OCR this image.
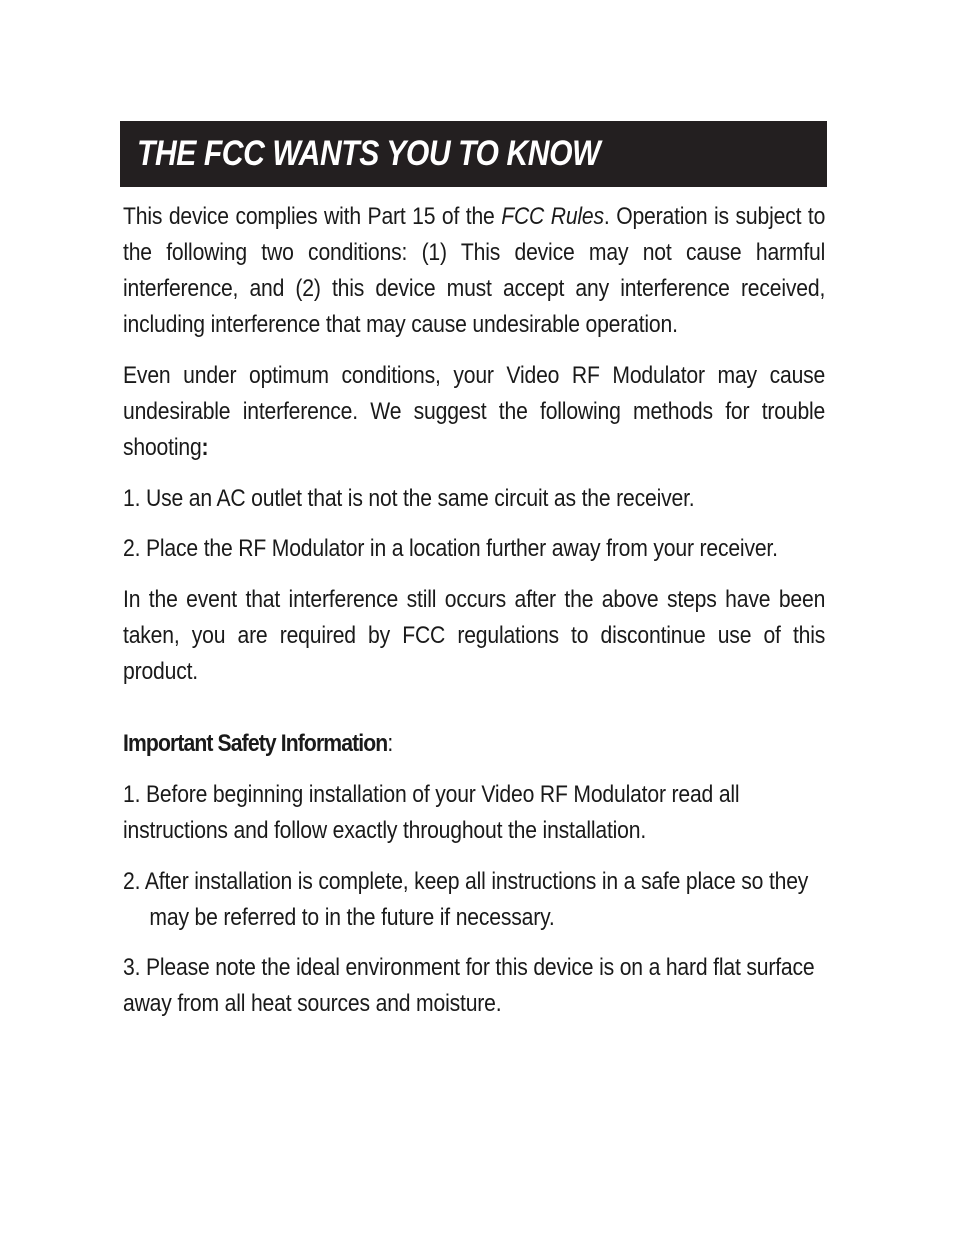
THE FCC WANTS YOU TO KNOW
This device complies with Part 15 of the FCC Rules. Operation is subject to the following two conditions: (1) This device may not cause harmful interference, and (2) this device must accept any interference received, including interference that may cause undesirable operation.
Even under optimum conditions, your Video RF Modulator may cause undesirable interference. We suggest the following methods for trouble shooting:
1. Use an AC outlet that is not the same circuit as the receiver.
2. Place the RF Modulator in a location further away from your receiver.
In the event that interference still occurs after the above steps have been taken, you are required by FCC regulations to discontinue use of this product.
Important Safety Information:
1. Before beginning installation of your Video RF Modulator read all instructions and follow exactly throughout the installation.
2. After installation is complete, keep all instructions in a safe place so they may be referred to in the future if necessary.
3. Please note the ideal environment for this device is on a hard flat surface away from all heat sources and moisture.
